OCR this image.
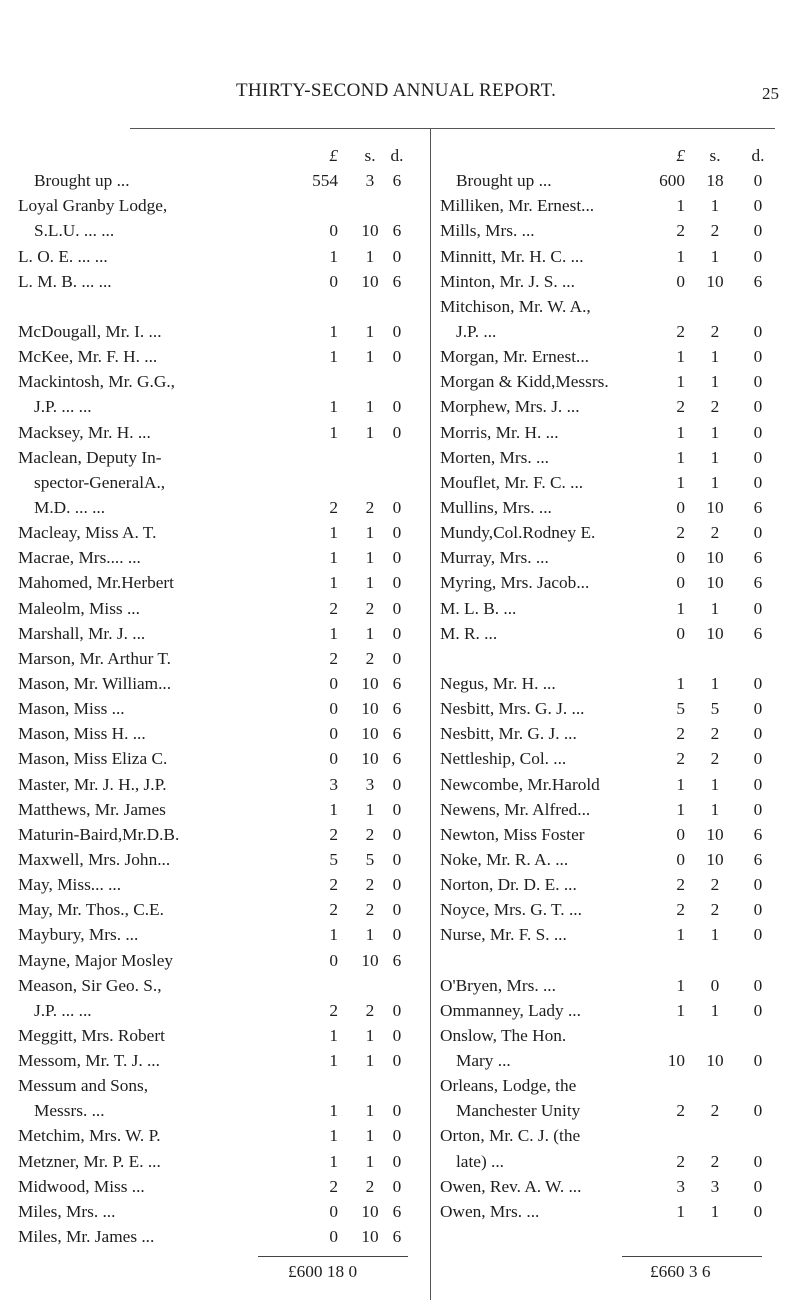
THIRTY-SECOND ANNUAL REPORT.	25
£	s. d.
Brought up ...	554	3	6
Loyal Granby Lodge,
S.L.U. ... ...	0	10 6
L. O. E. ... ...	1	1	0
L. M. B. ... ...	0	10 6
McDougall, Mr. I. ...	1	1	0
McKee, Mr. F. H. ...	1	1	0
Mackintosh, Mr. G.G.,
J.P. ... ...	1	1	0
Macksey, Mr. H. ...	1	1	0
Maclean, Deputy In-
spector-GeneralA.,
M.D. ... ...	2	2	0
Macleay, Miss A. T.	1	1	0
Macrae, Mrs.... ...	1	1	0
Mahomed, Mr.Herbert	1	1	0
Maleolm, Miss ...	2	2	0
Marshall, Mr. J. ...	1	1	0
Marson, Mr. Arthur T.	2	2	0
Mason, Mr. William...	0	10 6
Mason, Miss ...	0	10 6
Mason, Miss H. ...	0	10 6
Mason, Miss Eliza C.	0	10 6
Master, Mr. J. H., J.P.	3	3	0
Matthews, Mr. James	1	1	0
Maturin-Baird,Mr.D.B.	2	2	0
Maxwell, Mrs. John...	5	5	0
May, Miss... ...	2	2	0
May, Mr. Thos., C.E.	2	2	0
Maybury, Mrs. ...	1	1	0
Mayne, Major Mosley	0	10 6
Meason, Sir Geo. S.,
J.P. ... ...	2	2	0
Meggitt, Mrs. Robert	1	1	0
Messom, Mr. T. J. ...	1	1	0
Messum and Sons,
Messrs. ...	1	1	0
Metchim, Mrs. W. P.	1	1	0
Metzner, Mr. P. E. ...	1	1	0
Midwood, Miss ...	2	2	0
Miles, Mrs. ...	0	10 6
Miles, Mr. James ...	0	10 6
£	s.	d.
Brought up ...	600	18	0
Milliken, Mr. Ernest...	1	1	0
Mills, Mrs. ...	2	2	0
Minnitt, Mr. H. C. ...	1	1	0
Minton, Mr. J. S. ...	0	10	6
Mitchison, Mr. W. A.,
J.P. ...	2	2	0
Morgan, Mr. Ernest...	1	1	0
Morgan & Kidd,Messrs.	1	1	0
Morphew, Mrs. J. ...	2	2	0
Morris, Mr. H. ...	1	1	0
Morten, Mrs. ...	1	1	0
Mouflet, Mr. F. C. ...	1	1	0
Mullins, Mrs. ...	0	10	6
Mundy,Col.Rodney E.	2	2	0
Murray, Mrs. ...	0	10	6
Myring, Mrs. Jacob...	0	10	6
M. L. B. ...	1	1	0
M. R. ...	0	10	6
Negus, Mr. H. ...	1	1	0
Nesbitt, Mrs. G. J. ...	5	5	0
Nesbitt, Mr. G. J. ...	2	2	0
Nettleship, Col. ...	2	2	0
Newcombe, Mr.Harold	1	1	0
Newens, Mr. Alfred...	1	1	0
Newton, Miss Foster	0	10	6
Noke, Mr. R. A. ...	0	10	6
Norton, Dr. D. E. ...	2	2	0
Noyce, Mrs. G. T. ...	2	2	0
Nurse, Mr. F. S. ...	1	1	0
O'Bryen, Mrs. ...	1	0	0
Ommanney, Lady ...	1	1	0
Onslow, The Hon.
Mary ...	10	10	0
Orleans, Lodge, the
Manchester Unity	2	2	0
Orton, Mr. C. J. (the
late) ...	2	2	0
Owen, Rev. A. W. ...	3	3	0
Owen, Mrs. ...	1	1	0
£600 18 0	£660 3 6
